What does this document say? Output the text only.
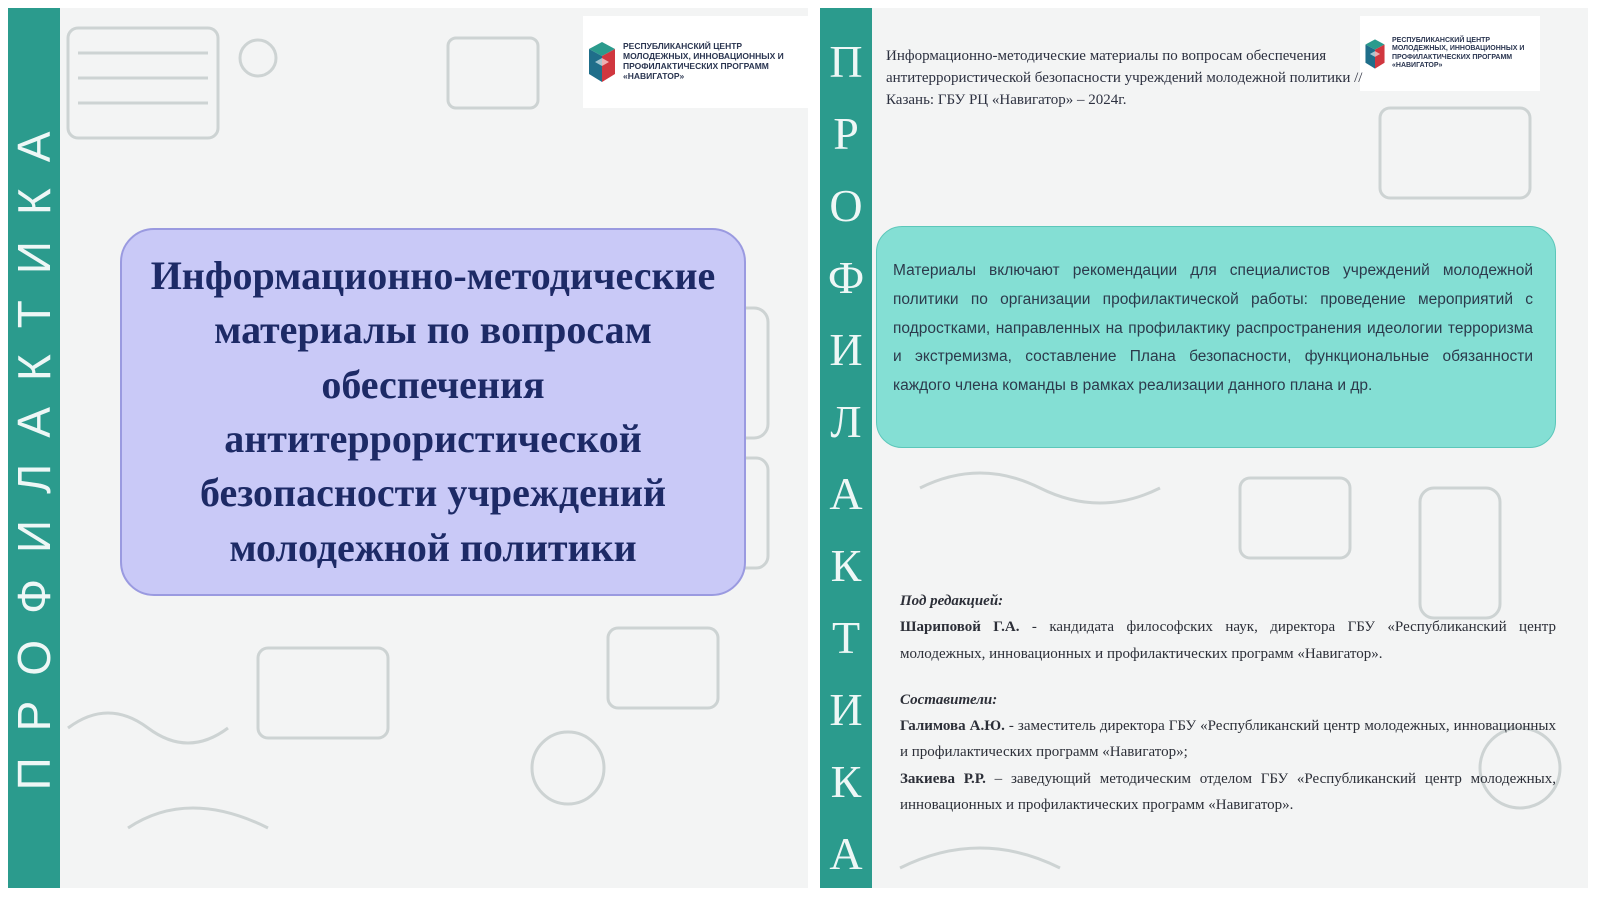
ПРОФИЛАКТИКА
РЕСПУБЛИКАНСКИЙ ЦЕНТР МОЛОДЕЖНЫХ, ИННОВАЦИОННЫХ И ПРОФИЛАКТИЧЕСКИХ ПРОГРАММ «НАВИГАТОР»
Информационно-методические материалы по вопросам обеспечения антитеррористической безопасности учреждений молодежной политики
П
Р
О
Ф
И
Л
А
К
Т
И
К
А
РЕСПУБЛИКАНСКИЙ ЦЕНТР МОЛОДЕЖНЫХ, ИННОВАЦИОННЫХ И ПРОФИЛАКТИЧЕСКИХ ПРОГРАММ «НАВИГАТОР»
Информационно-методические материалы по вопросам обеспечения антитеррористической безопасности учреждений молодежной политики // Казань: ГБУ РЦ «Навигатор» – 2024г.
Материалы включают рекомендации для специалистов учреждений молодежной политики по организации профилактической работы: проведение мероприятий с подростками, направленных на профилактику распространения идеологии терроризма и экстремизма, составление Плана безопасности, функциональные обязанности каждого члена команды в рамках реализации данного плана и др.

Под редакцией:

Шариповой Г.А. - кандидата философских наук, директора ГБУ «Республиканский центр молодежных, инновационных и профилактических программ «Навигатор».

Составители:

Галимова А.Ю. - заместитель директора ГБУ «Республиканский центр молодежных, инновационных и профилактических программ «Навигатор»;

Закиева Р.Р. – заведующий методическим отделом ГБУ «Республиканский центр молодежных, инновационных и профилактических программ «Навигатор».
